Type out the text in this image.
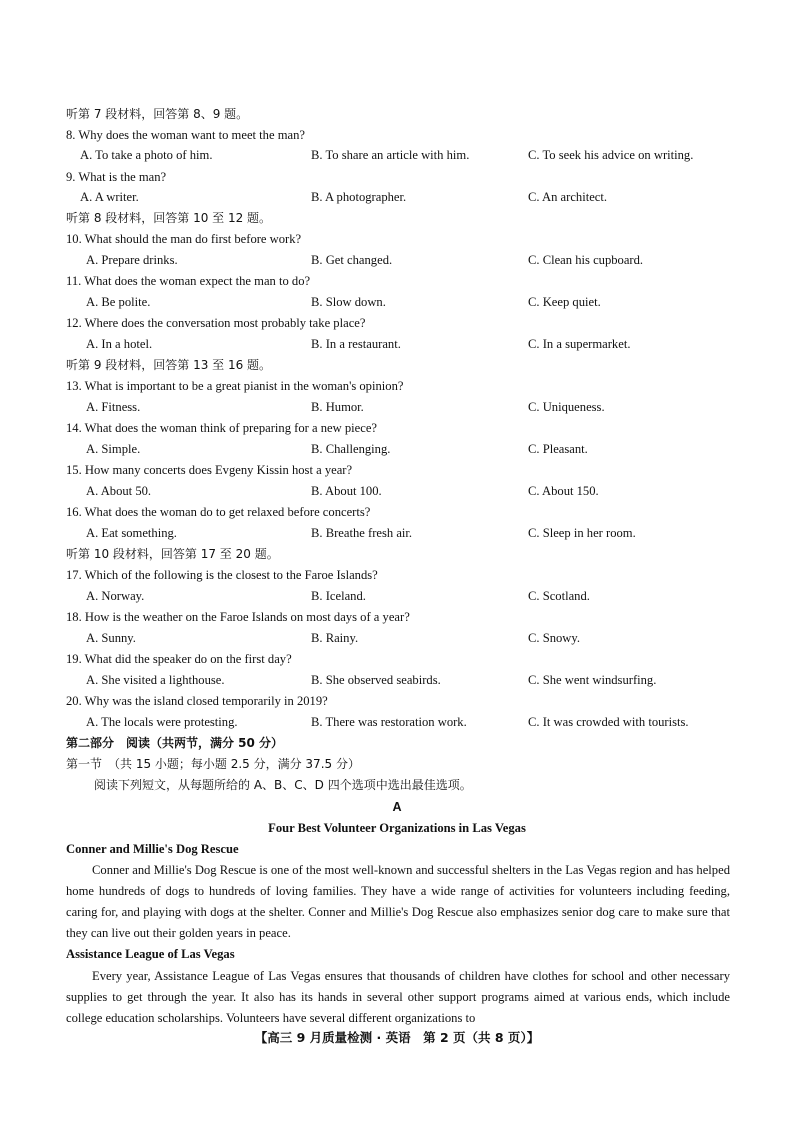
听第 7 段材料，回答第 8、9 题。
8. Why does the woman want to meet the man?
A. To take a photo of him.	B. To share an article with him.	C. To seek his advice on writing.
9. What is the man?
A. A writer.	B. A photographer.	C. An architect.
听第 8 段材料，回答第 10 至 12 题。
10. What should the man do first before work?
A. Prepare drinks.	B. Get changed.	C. Clean his cupboard.
11. What does the woman expect the man to do?
A. Be polite.	B. Slow down.	C. Keep quiet.
12. Where does the conversation most probably take place?
A. In a hotel.	B. In a restaurant.	C. In a supermarket.
听第 9 段材料，回答第 13 至 16 题。
13. What is important to be a great pianist in the woman's opinion?
A. Fitness.	B. Humor.	C. Uniqueness.
14. What does the woman think of preparing for a new piece?
A. Simple.	B. Challenging.	C. Pleasant.
15. How many concerts does Evgeny Kissin host a year?
A. About 50.	B. About 100.	C. About 150.
16. What does the woman do to get relaxed before concerts?
A. Eat something.	B. Breathe fresh air.	C. Sleep in her room.
听第 10 段材料，回答第 17 至 20 题。
17. Which of the following is the closest to the Faroe Islands?
A. Norway.	B. Iceland.	C. Scotland.
18. How is the weather on the Faroe Islands on most days of a year?
A. Sunny.	B. Rainy.	C. Snowy.
19. What did the speaker do on the first day?
A. She visited a lighthouse.	B. She observed seabirds.	C. She went windsurfing.
20. Why was the island closed temporarily in 2019?
A. The locals were protesting.	B. There was restoration work.	C. It was crowded with tourists.
第二部分　阅读（共两节，满分 50 分）
第一节　（共 15 小题；每小题 2.5 分，满分 37.5 分）
阅读下列短文，从每题所给的 A、B、C、D 四个选项中选出最佳选项。
A
Four Best Volunteer Organizations in Las Vegas
Conner and Millie's Dog Rescue
Conner and Millie's Dog Rescue is one of the most well-known and successful shelters in the Las Vegas region and has helped home hundreds of dogs to hundreds of loving families. They have a wide range of activities for volunteers including feeding, caring for, and playing with dogs at the shelter. Conner and Millie's Dog Rescue also emphasizes senior dog care to make sure that they can live out their golden years in peace.
Assistance League of Las Vegas
Every year, Assistance League of Las Vegas ensures that thousands of children have clothes for school and other necessary supplies to get through the year. It also has its hands in several other support programs aimed at various ends, which include college education scholarships. Volunteers have several different organizations to
【高三 9 月质量检测 · 英语　第 2 页（共 8 页）】
